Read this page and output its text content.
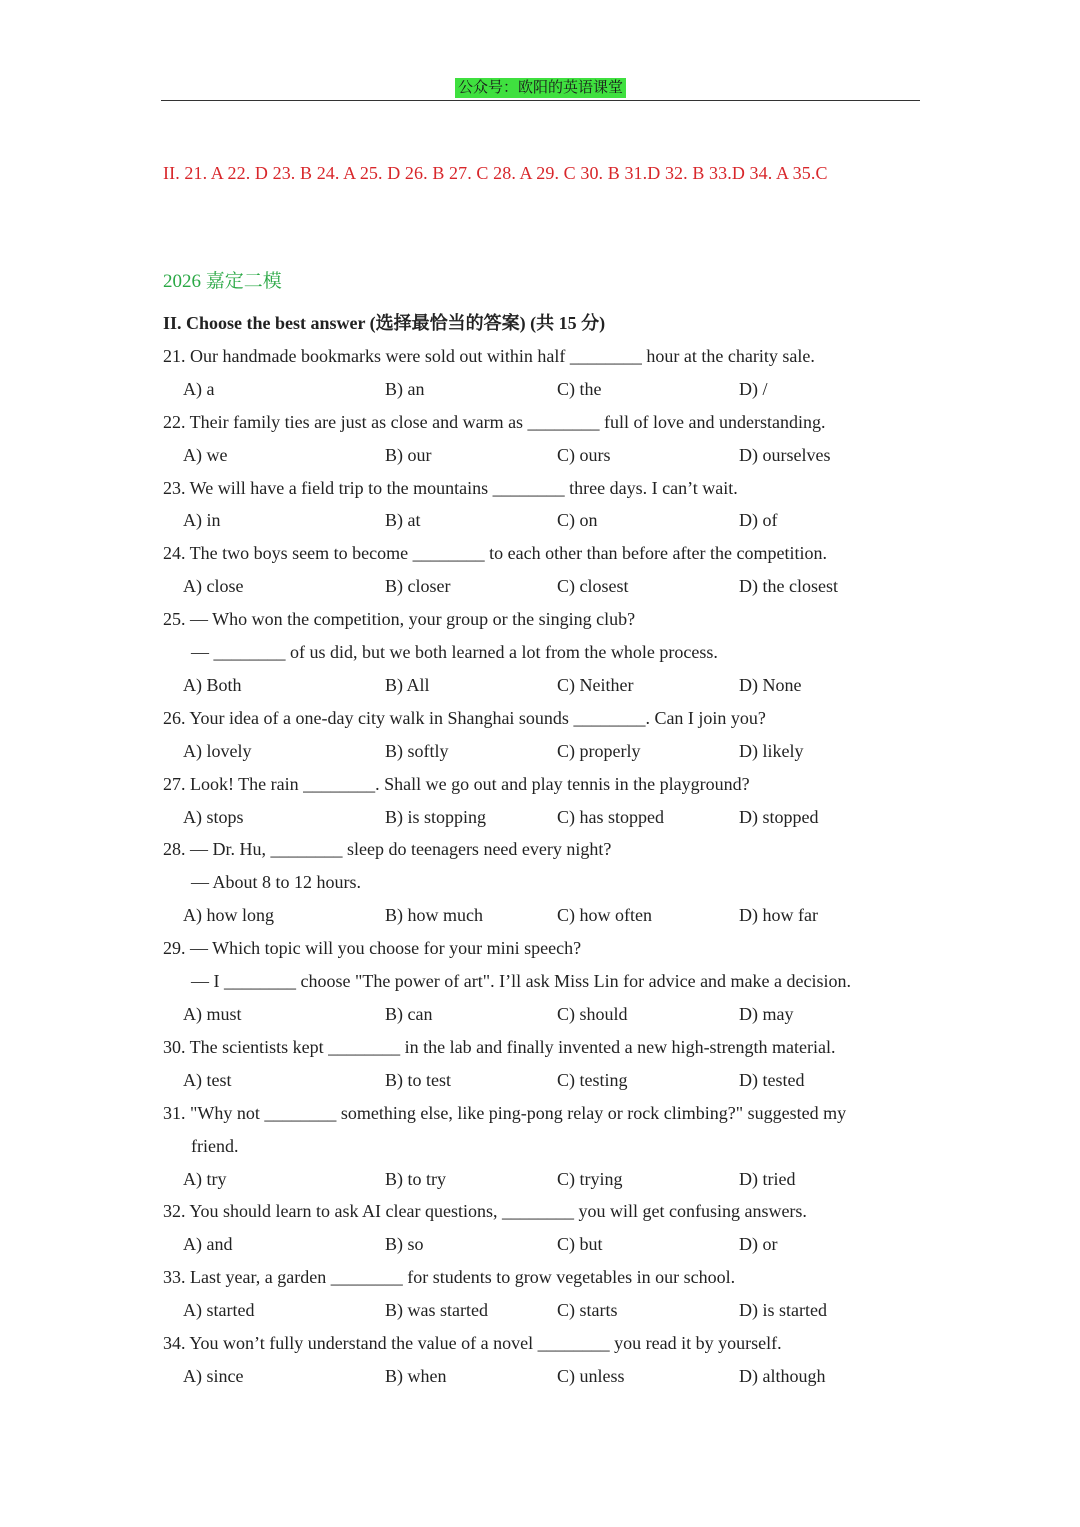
公众号：欧阳的英语课堂
II. 21. A 22. D 23. B 24. A 25. D 26. B 27. C 28. A 29. C 30. B 31.D 32. B 33.D 34. A 35.C
2026 嘉定二模
II. Choose the best answer (选择最恰当的答案) (共 15 分)
21. Our handmade bookmarks were sold out within half ________ hour at the charity sale.
A) a	B) an	C) the	D) /
22. Their family ties are just as close and warm as ________ full of love and understanding.
A) we	B) our	C) ours	D) ourselves
23. We will have a field trip to the mountains ________ three days. I can’t wait.
A) in	B) at	C) on	D) of
24. The two boys seem to become ________ to each other than before after the competition.
A) close	B) closer	C) closest	D) the closest
25. — Who won the competition, your group or the singing club?
— ________ of us did, but we both learned a lot from the whole process.
A) Both	B) All	C) Neither	D) None
26. Your idea of a one-day city walk in Shanghai sounds ________. Can I join you?
A) lovely	B) softly	C) properly	D) likely
27. Look! The rain ________. Shall we go out and play tennis in the playground?
A) stops	B) is stopping	C) has stopped	D) stopped
28. — Dr. Hu, ________ sleep do teenagers need every night?
— About 8 to 12 hours.
A) how long	B) how much	C) how often	D) how far
29. — Which topic will you choose for your mini speech?
— I ________ choose "The power of art". I’ll ask Miss Lin for advice and make a decision.
A) must	B) can	C) should	D) may
30. The scientists kept ________ in the lab and finally invented a new high-strength material.
A) test	B) to test	C) testing	D) tested
31. "Why not ________ something else, like ping-pong relay or rock climbing?" suggested my
friend.
A) try	B) to try	C) trying	D) tried
32. You should learn to ask AI clear questions, ________ you will get confusing answers.
A) and	B) so	C) but	D) or
33. Last year, a garden ________ for students to grow vegetables in our school.
A) started	B) was started	C) starts	D) is started
34. You won’t fully understand the value of a novel ________ you read it by yourself.
A) since	B) when	C) unless	D) although
